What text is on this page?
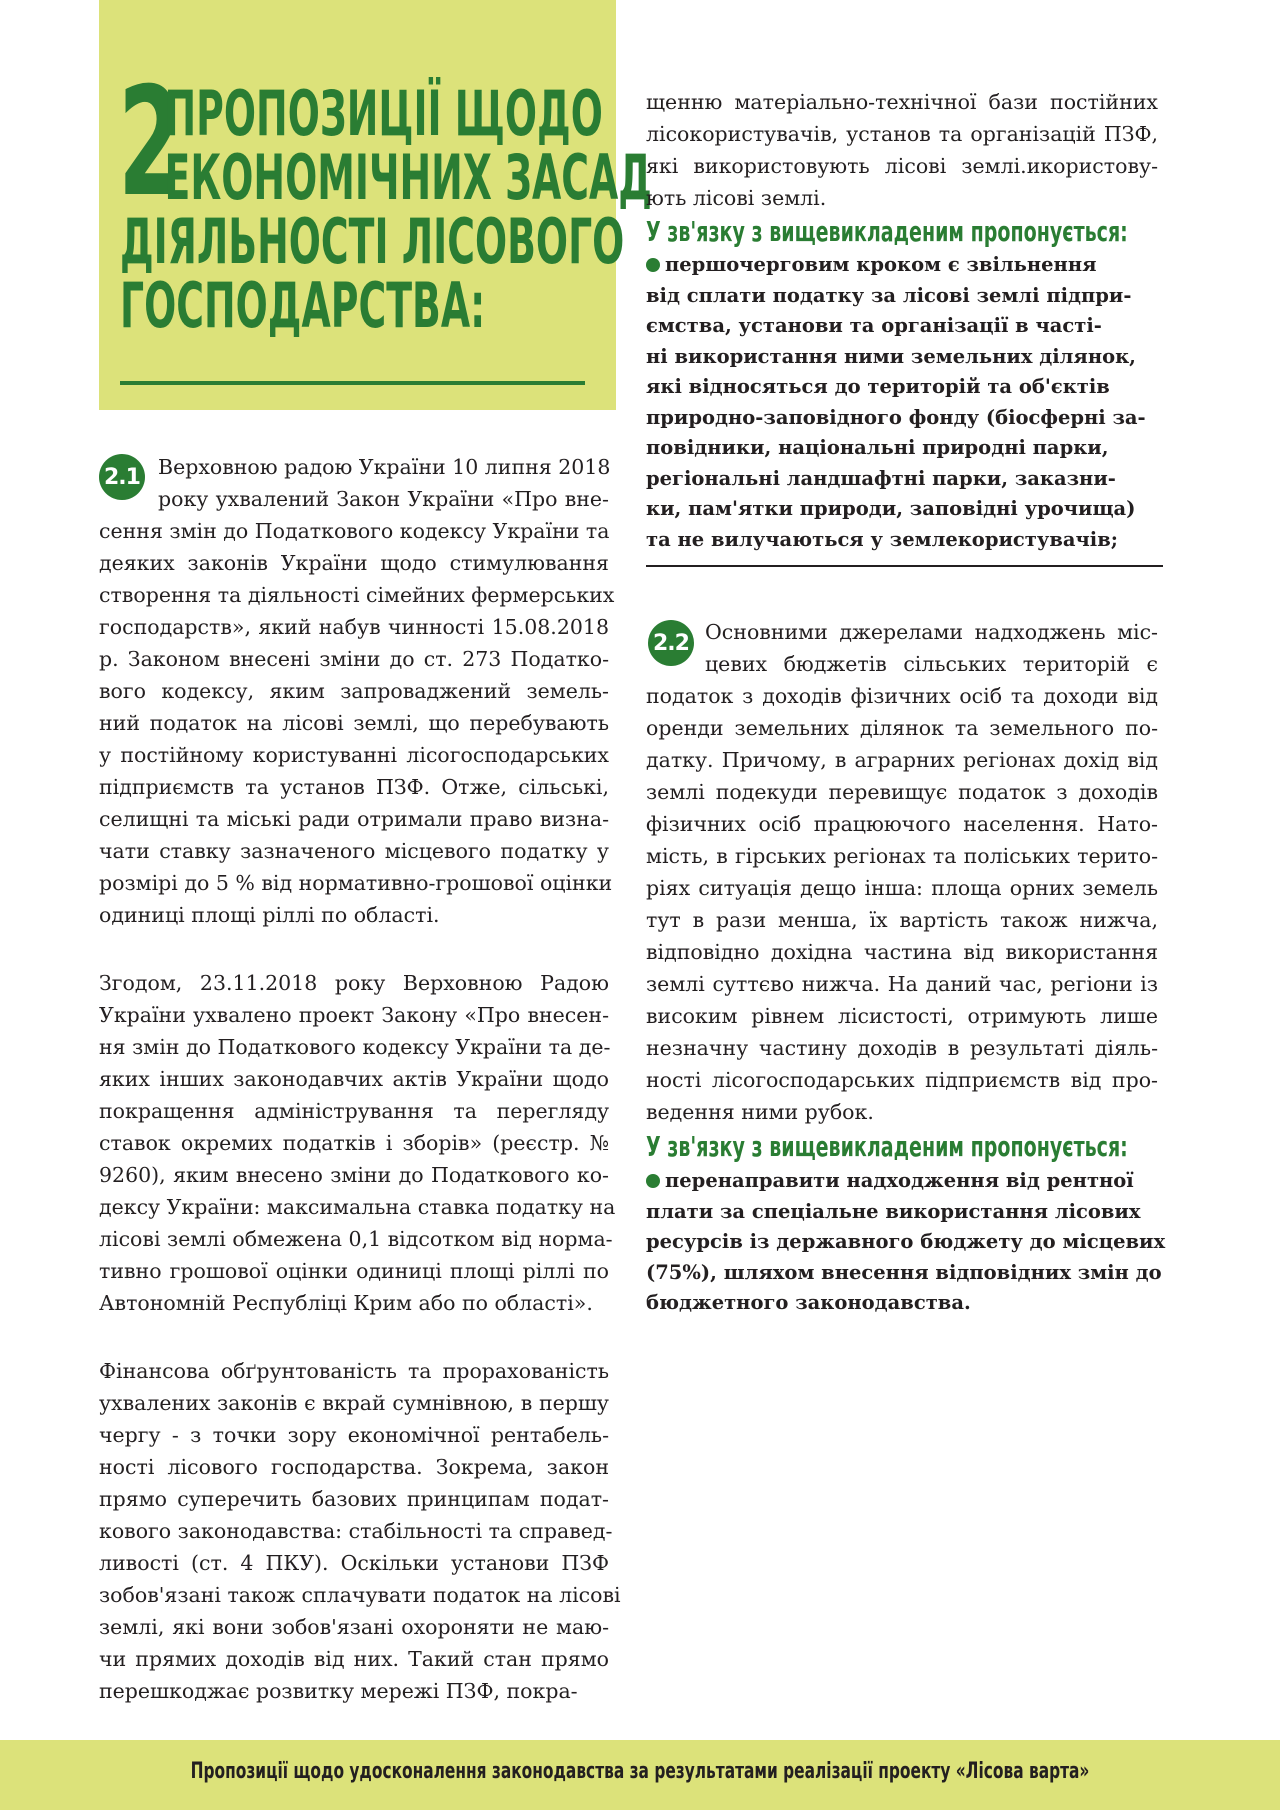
2
ПРОПОЗИЦІЇ ЩОДО
ЕКОНОМІЧНИХ ЗАСАД
ДІЯЛЬНОСТІ ЛІСОВОГО
ГОСПОДАРСТВА:
2.1 Верховною радою України 10 липня 2018
року ухвалений Закон України «Про вне-
сення змін до Податкового кодексу України та
деяких законів України щодо стимулювання
створення та діяльності сімейних фермерських
господарств», який набув чинності 15.08.2018
р. Законом внесені зміни до ст. 273 Податко-
вого кодексу, яким запроваджений земель-
ний податок на лісові землі, що перебувають
у постійному користуванні лісогосподарських
підприємств та установ ПЗФ. Отже, сільські,
селищні та міські ради отримали право визна-
чати ставку зазначеного місцевого податку у
розмірі до 5 % від нормативно-грошової оцінки
одиниці площі ріллі по області.
Згодом, 23.11.2018 року Верховною Радою
України ухвалено проект Закону «Про внесен-
ня змін до Податкового кодексу України та де-
яких інших законодавчих актів України щодо
покращення адміністрування та перегляду
ставок окремих податків і зборів» (реєстр. №
9260), яким внесено зміни до Податкового ко-
дексу України: максимальна ставка податку на
лісові землі обмежена 0,1 відсотком від норма-
тивно грошової оцінки одиниці площі ріллі по
Автономній Республіці Крим або по області».
Фінансова обґрунтованість та прорахованість
ухвалених законів є вкрай сумнівною, в першу
чергу - з точки зору економічної рентабель-
ності лісового господарства. Зокрема, закон
прямо суперечить базових принципам подат-
кового законодавства: стабільності та справед-
ливості (ст. 4 ПКУ). Оскільки установи ПЗФ
зобов'язані також сплачувати податок на лісові
землі, які вони зобов'язані охороняти не маю-
чи прямих доходів від них. Такий стан прямо
перешкоджає розвитку мережі ПЗФ, покра-
щенню матеріально-технічної бази постійних
лісокористувачів, установ та організацій ПЗФ,
які використовують лісові землі.икористову-
ють лісові землі.
У зв'язку з вищевикладеним пропонується:
першочерговим кроком є звільнення
від сплати податку за лісові землі підпри-
ємства, установи та організації в часті-
ні використання ними земельних ділянок,
які відносяться до територій та об'єктів
природно-заповідного фонду (біосферні за-
повідники, національні природні парки,
регіональні ландшафтні парки, заказни-
ки, пам'ятки природи, заповідні урочища)
та не вилучаються у землекористувачів;
2.2 Основними джерелами надходжень міс-
цевих бюджетів сільських територій є
податок з доходів фізичних осіб та доходи від
оренди земельних ділянок та земельного по-
датку. Причому, в аграрних регіонах дохід від
землі подекуди перевищує податок з доходів
фізичних осіб працюючого населення. Нато-
мість, в гірських регіонах та поліських терито-
ріях ситуація дещо інша: площа орних земель
тут в рази менша, їх вартість також нижча,
відповідно дохідна частина від використання
землі суттєво нижча. На даний час, регіони із
високим рівнем лісистості, отримують лише
незначну частину доходів в результаті діяль-
ності лісогосподарських підприємств від про-
ведення ними рубок.
У зв'язку з вищевикладеним пропонується:
перенаправити надходження від рентної
плати за спеціальне використання лісових
ресурсів із державного бюджету до місцевих
(75%), шляхом внесення відповідних змін до
бюджетного законодавства.
Пропозиції щодо удосконалення законодавства за результатами реалізації проекту «Лісова варта»
